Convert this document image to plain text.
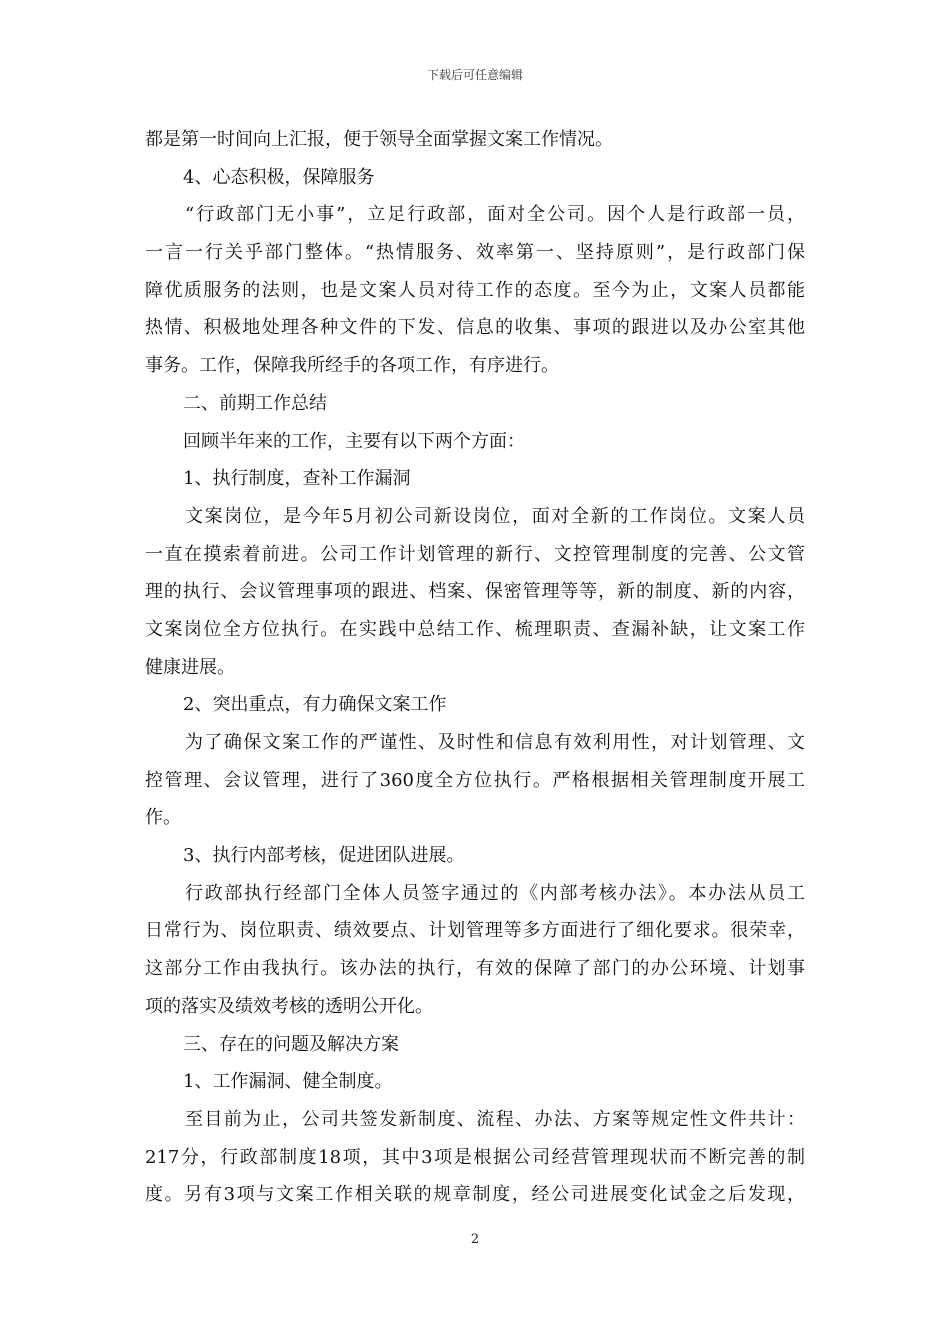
下载后可任意编辑
都是第一时间向上汇报，便于领导全面掌握文案工作情况。
4、心态积极，保障服务
“行政部门无小事”，立足行政部，面对全公司。因个人是行政部一员，
一言一行关乎部门整体。“热情服务、效率第一、坚持原则”，是行政部门保
障优质服务的法则，也是文案人员对待工作的态度。至今为止，文案人员都能
热情、积极地处理各种文件的下发、信息的收集、事项的跟进以及办公室其他
事务。工作，保障我所经手的各项工作，有序进行。
二、前期工作总结
回顾半年来的工作，主要有以下两个方面：
1、执行制度，查补工作漏洞
文案岗位，是今年5月初公司新设岗位，面对全新的工作岗位。文案人员
一直在摸索着前进。公司工作计划管理的新行、文控管理制度的完善、公文管
理的执行、会议管理事项的跟进、档案、保密管理等等，新的制度、新的内容，
文案岗位全方位执行。在实践中总结工作、梳理职责、查漏补缺，让文案工作
健康进展。
2、突出重点，有力确保文案工作
为了确保文案工作的严谨性、及时性和信息有效利用性，对计划管理、文
控管理、会议管理，进行了360度全方位执行。严格根据相关管理制度开展工
作。
3、执行内部考核，促进团队进展。
行政部执行经部门全体人员签字通过的《内部考核办法》。本办法从员工
日常行为、岗位职责、绩效要点、计划管理等多方面进行了细化要求。很荣幸，
这部分工作由我执行。该办法的执行，有效的保障了部门的办公环境、计划事
项的落实及绩效考核的透明公开化。
三、存在的问题及解决方案
1、工作漏洞、健全制度。
至目前为止，公司共签发新制度、流程、办法、方案等规定性文件共计：
217分，行政部制度18项，其中3项是根据公司经营管理现状而不断完善的制
度。另有3项与文案工作相关联的规章制度，经公司进展变化试金之后发现，
2
